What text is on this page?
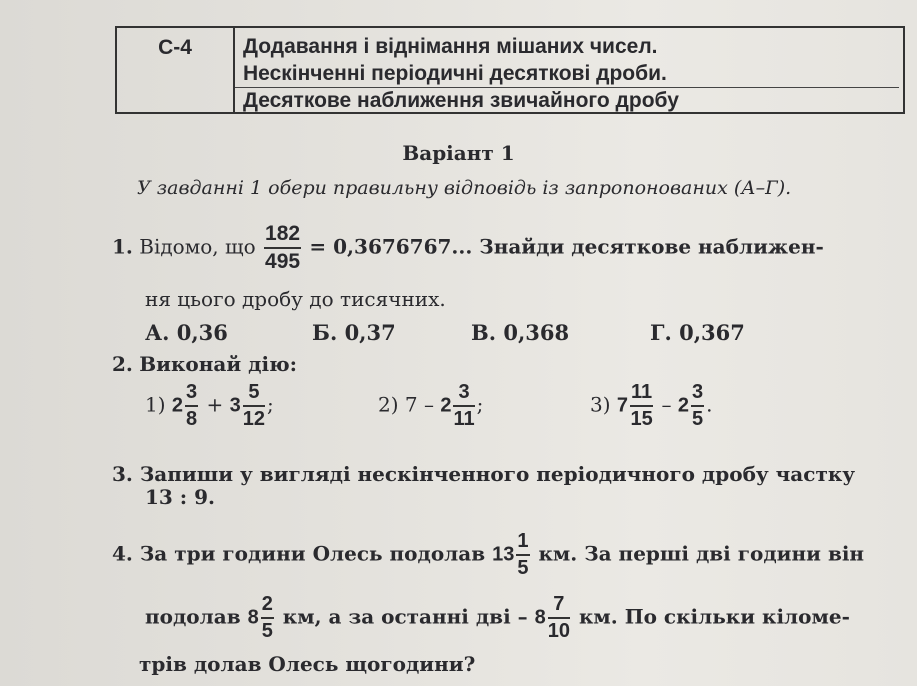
С-4	Додавання і віднімання мішаних чисел.
Нескінченні періодичні десяткові дроби.
Десяткове наближення звичайного дробу
Варіант 1
У завданні 1 обери правильну відповідь із запропонованих (А–Г).
1. Відомо, що $\frac{182}{495} = 0,3676767$... Знайди десяткове наближен-
ня цього дробу до тисячних.
А. 0,36	Б. 0,37	В. 0,368	Г. 0,367
2. Виконай дію:
1) $2 \frac{3}{8} + 3 \frac{5}{12}$ ;	2) $7 - 2 \frac{3}{11}$ ;	3) $7 \frac{11}{15} - 2 \frac{3}{5}$ .
3. Запиши у вигляді нескінченного періодичного дробу частку
13 : 9.
4. За три години Олесь подолав $13 \frac{1}{5}$ км. За перші дві години він
подолав $8 \frac{2}{5}$ км, а за останні дві – $8 \frac{7}{10}$ км. По скільки кіломе-
трів долав Олесь щогодини?
